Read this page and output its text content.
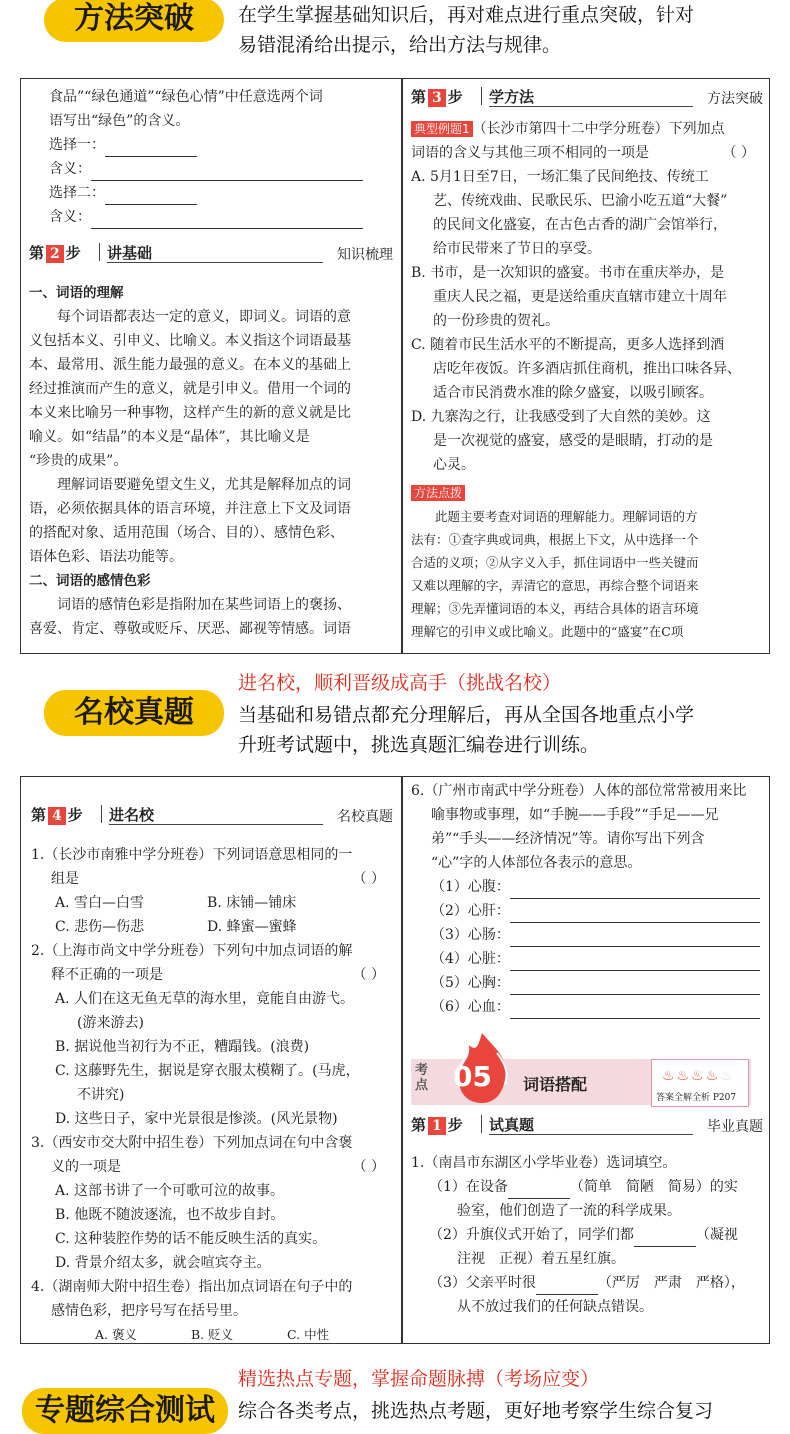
方法突破	在学生掌握基础知识后，再对难点进行重点突破，针对
易错混淆给出提示，给出方法与规律。
食品”“绿色通道”“绿色心情”中任意选两个词
语写出“绿色”的含义。
选择一：
含义：
选择二：
含义：
第 2 步 讲基础	知识梳理
一、词语的理解
每个词语都表达一定的意义，即词义。词语的意
义包括本义、引申义、比喻义。本义指这个词语最基
本、最常用、派生能力最强的意义。在本义的基础上
经过推演而产生的意义，就是引申义。借用一个词的
本义来比喻另一种事物，这样产生的新的意义就是比
喻义。如“结晶”的本义是“晶体”，其比喻义是
“珍贵的成果”。
理解词语要避免望文生义，尤其是解释加点的词
语，必须依据具体的语言环境，并注意上下文及词语
的搭配对象、适用范围（场合、目的）、感情色彩、
语体色彩、语法功能等。
二、词语的感情色彩
词语的感情色彩是指附加在某些词语上的褒扬、
喜爱、肯定、尊敬或贬斥、厌恶、鄙视等情感。词语
第 3 步 学方法	方法突破
典型例题1 （长沙市第四十二中学分班卷）下列加点
词语的含义与其他三项不相同的一项是	（ ）
A. 5月1日至7日，一场汇集了民间绝技、传统工
艺、传统戏曲、民歌民乐、巴渝小吃五道“大餐”
的民间文化盛宴，在古色古香的湖广会馆举行，
给市民带来了节日的享受。
B. 书市，是一次知识的盛宴。书市在重庆举办，是
重庆人民之福，更是送给重庆直辖市建立十周年
的一份珍贵的贺礼。
C. 随着市民生活水平的不断提高，更多人选择到酒
店吃年夜饭。许多酒店抓住商机，推出口味各异、
适合市民消费水准的除夕盛宴，以吸引顾客。
D. 九寨沟之行，让我感受到了大自然的美妙。这
是一次视觉的盛宴，感受的是眼睛，打动的是
心灵。
方法点拨
此题主要考查对词语的理解能力。理解词语的方
法有：①查字典或词典，根据上下文，从中选择一个
合适的义项；②从字义入手，抓住词语中一些关键而
又难以理解的字，弄清它的意思，再综合整个词语来
理解；③先弄懂词语的本义，再结合具体的语言环境
理解它的引申义或比喻义。此题中的“盛宴”在C项
进名校，顺利晋级成高手（挑战名校）
名校真题	当基础和易错点都充分理解后，再从全国各地重点小学
升班考试题中，挑选真题汇编卷进行训练。
第 4 步 进名校	名校真题
1.（长沙市南雅中学分班卷）下列词语意思相同的一
组是	（ ）
A. 雪白—白雪	B. 床铺—铺床
C. 悲伤—伤悲	D. 蜂蜜—蜜蜂
2.（上海市尚文中学分班卷）下列句中加点词语的解
释不正确的一项是	（ ）
A. 人们在这无鱼无草的海水里，竟能自由游弋。
(游来游去)
B. 据说他当初行为不正，糟蹋钱。(浪费)
C. 这藤野先生，据说是穿衣服太模糊了。(马虎，
不讲究)
D. 这些日子，家中光景很是惨淡。(风光景物)
3.（西安市交大附中招生卷）下列加点词在句中含褒
义的一项是	（ ）
A. 这部书讲了一个可歌可泣的故事。
B. 他既不随波逐流，也不故步自封。
C. 这种装腔作势的话不能反映生活的真实。
D. 背景介绍太多，就会喧宾夺主。
4.（湖南师大附中招生卷）指出加点词语在句子中的
感情色彩，把序号写在括号里。
A. 褒义	B. 贬义	C. 中性
6.（广州市南武中学分班卷）人体的部位常常被用来比
喻事物或事理，如“手腕——手段”“手足——兄
弟”“手头——经济情况”等。请你写出下列含
“心”字的人体部位各表示的意思。
（1）心腹：
（2）心肝：
（3）心肠：
（4）心脏：
（5）心胸：
（6）心血：
考点 05 词语搭配	♨♨♨♨♨
答案全解全析 P207
第 1 步 试真题	毕业真题
1.（南昌市东湖区小学毕业卷）选词填空。
（1）在设备	（简单　简陋　简易）的实
验室，他们创造了一流的科学成果。
（2）升旗仪式开始了，同学们都	（凝视
注视　正视）着五星红旗。
（3）父亲平时很	（严厉　严肃　严格），
从不放过我们的任何缺点错误。
精选热点专题，掌握命题脉搏（考场应变）
专题综合测试	综合各类考点，挑选热点考题，更好地考察学生综合复习
